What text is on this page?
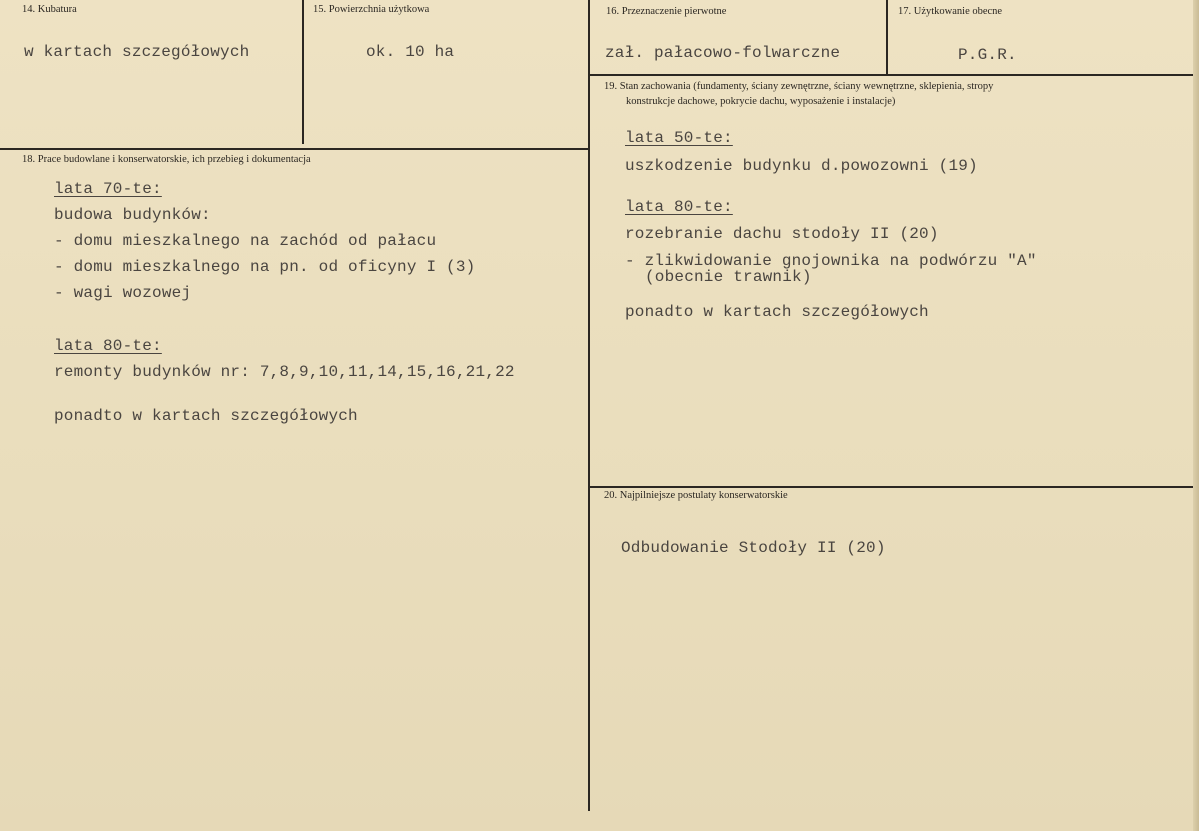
14. Kubatura
w kartach szczegółowych
15. Powierzchnia użytkowa
ok. 10 ha
16. Przeznaczenie pierwotne
zał. pałacowo-folwarczne
17. Użytkowanie obecne
P.G.R.
18. Prace budowlane i konserwatorskie, ich przebieg i dokumentacja
lata 70-te:
budowa budynków:
- domu mieszkalnego na zachód od pałacu
- domu mieszkalnego na pn. od oficyny I (3)
- wagi wozowej
lata 80-te:
remonty budynków nr: 7,8,9,10,11,14,15,16,21,22
ponadto w kartach szczegółowych
19. Stan zachowania (fundamenty, ściany zewnętrzne, ściany wewnętrzne, sklepienia, stropy
konstrukcje dachowe, pokrycie dachu, wyposażenie i instalacje)
lata 50-te:
uszkodzenie budynku d.powozowni (19)
lata 80-te:
rozebranie dachu stodoły II (20)
- zlikwidowanie gnojownika na podwórzu "A"
(obecnie trawnik)
ponadto w kartach szczegółowych
20. Najpilniejsze postulaty konserwatorskie
Odbudowanie Stodoły II (20)
